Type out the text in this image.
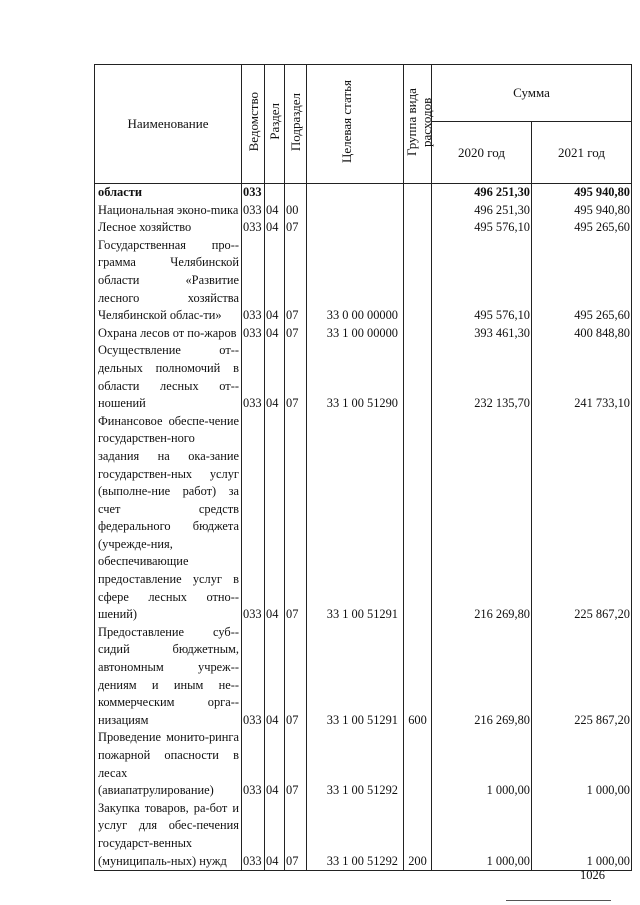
Наименование	Ведомство	Раздел	Подраздел	Целевая статья	Группа вида расходов	Сумма	
						2020 год	2021 год
области	033					496 251,30	495 940,80
Национальная эконо-mика	033	04	00			496 251,30	495 940,80
Лесное хозяйство	033	04	07			495 576,10	495 265,60
Государственная про-грамма Челябинской области «Развитие лесного хозяйства Челябинской облас-ти»	033	04	07	33 0 00 00000		495 576,10	495 265,60
Охрана лесов от по-жаров	033	04	07	33 1 00 00000		393 461,30	400 848,80
Осуществление от-дельных полномочий в области лесных от-ношений	033	04	07	33 1 00 51290		232 135,70	241 733,10
Финансовое обеспе-чение государствен-ного задания на ока-зание государствен-ных услуг (выполне-ние работ) за счет средств федерального бюджета (учрежде-ния, обеспечивающие предоставление услуг в сфере лесных отно-шений)	033	04	07	33 1 00 51291		216 269,80	225 867,20
Предоставление суб-сидий бюджетным, автономным учреж-дениям и иным не-коммерческим орга-низациям	033	04	07	33 1 00 51291	600	216 269,80	225 867,20
Проведение монито-ринга пожарной опасности в лесах (авиапатрулирование)	033	04	07	33 1 00 51292		1 000,00	1 000,00
Закупка товаров, ра-бот и услуг для обес-печения государст-венных (муниципаль-ных) нужд	033	04	07	33 1 00 51292	200	1 000,00	1 000,00
1026
